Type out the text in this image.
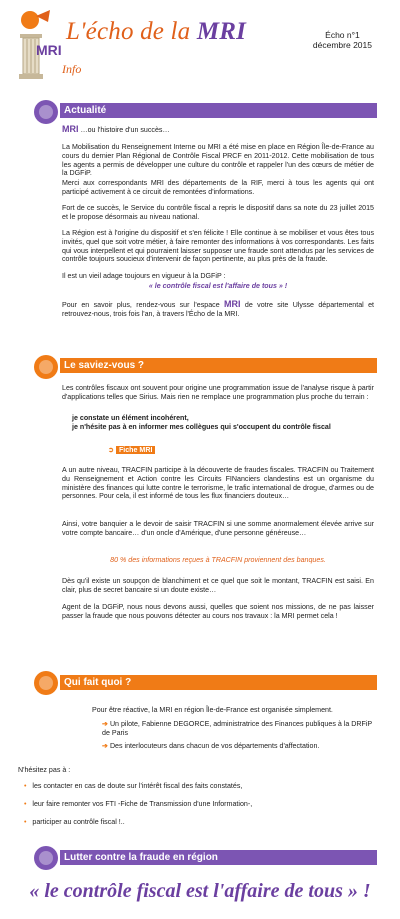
MRI
Info
L'écho de la MRI	Écho n°1
décembre 2015
Actualité
MRI …ou l'histoire d'un succès…
La Mobilisation du Renseignement Interne ou MRI a été mise en place en Région Île-de-France au cours du dernier Plan Régional de Contrôle Fiscal PRCF en 2011-2012. Cette mobilisation de tous les agents a permis de développer une culture du contrôle et rappeler l'un des cœurs de métier de la DGFiP.
Merci aux correspondants MRI des départements de la RIF, merci à tous les agents qui ont participé activement à ce circuit de remontées d'informations.
Fort de ce succès, le Service du contrôle fiscal a repris le dispositif dans sa note du 23 juillet 2015 et le propose désormais au niveau national.
La Région est à l'origine du dispositif et s'en félicite ! Elle continue à se mobiliser et vous êtes tous invités, quel que soit votre métier, à faire remonter des informations à vos correspondants. Les faits qui vous interpellent et qui pourraient laisser supposer une fraude sont attendus par les services de contrôle toujours soucieux d'intervenir de façon pertinente, au plus près de la fraude.
Il est un vieil adage toujours en vigueur à la DGFiP :
« le contrôle fiscal est l'affaire de tous » !
Pour en savoir plus, rendez-vous sur l'espace MRI de votre site Ulysse départemental et retrouvez-nous, trois fois l'an, à travers l'Écho de la MRI.
Le saviez-vous ?
Les contrôles fiscaux ont souvent pour origine une programmation issue de l'analyse risque à partir d'applications telles que Sirius. Mais rien ne remplace une programmation plus proche du terrain :
je constate un élément incohérent,
je n'hésite pas à en informer mes collègues qui s'occupent du contrôle fiscal
➲ Fiche MRI
A un autre niveau, TRACFIN participe à la découverte de fraudes fiscales. TRACFIN ou Traitement du Renseignement et Action contre les Circuits FINanciers clandestins est un organisme du ministère des finances qui lutte contre le terrorisme, le trafic international de drogue, d'armes ou de personnes. Pour cela, il est informé de tous les flux financiers douteux…
Ainsi, votre banquier a le devoir de saisir TRACFIN si une somme anormalement élevée arrive sur votre compte bancaire… d'un oncle d'Amérique, d'une personne généreuse…
80 % des informations reçues à TRACFIN proviennent des banques.
Dès qu'il existe un soupçon de blanchiment et ce quel que soit le montant, TRACFIN est saisi. En clair, plus de secret bancaire si un doute existe…
Agent de la DGFiP, nous nous devons aussi, quelles que soient nos missions, de ne pas laisser passer la fraude que nous pouvons détecter au cours nos travaux : la MRI permet cela !
Qui fait quoi ?
Pour être réactive, la MRI en région Île-de-France est organisée simplement.
➔ Un pilote, Fabienne DEGORCE, administratrice des Finances publiques à la DRFiP de Paris
➔ Des interlocuteurs dans chacun de vos départements d'affectation.
N'hésitez pas à :
• les contacter en cas de doute sur l'intérêt fiscal des faits constatés,
• leur faire remonter vos FTI -Fiche de Transmission d'une Information-,
• participer au contrôle fiscal !..
Lutter contre la fraude en région
« le contrôle fiscal est l'affaire de tous » !
